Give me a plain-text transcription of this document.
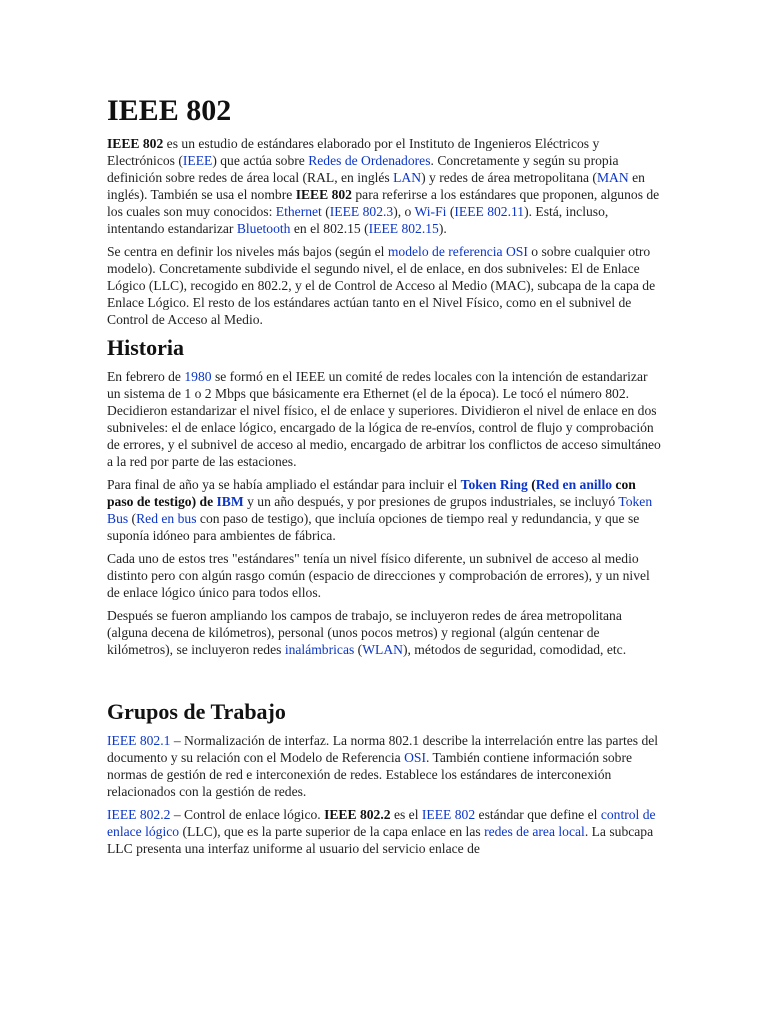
IEEE 802

IEEE 802 es un estudio de estándares elaborado por el Instituto de Ingenieros Eléctricos y Electrónicos (IEEE) que actúa sobre Redes de Ordenadores. Concretamente y según su propia definición sobre redes de área local (RAL, en inglés LAN) y redes de área metropolitana (MAN en inglés). También se usa el nombre IEEE 802 para referirse a los estándares que proponen, algunos de los cuales son muy conocidos: Ethernet (IEEE 802.3), o Wi-Fi (IEEE 802.11). Está, incluso, intentando estandarizar Bluetooth en el 802.15 (IEEE 802.15).

Se centra en definir los niveles más bajos (según el modelo de referencia OSI o sobre cualquier otro modelo). Concretamente subdivide el segundo nivel, el de enlace, en dos subniveles: El de Enlace Lógico (LLC), recogido en 802.2, y el de Control de Acceso al Medio (MAC), subcapa de la capa de Enlace Lógico. El resto de los estándares actúan tanto en el Nivel Físico, como en el subnivel de Control de Acceso al Medio.

Historia

En febrero de 1980 se formó en el IEEE un comité de redes locales con la intención de estandarizar un sistema de 1 o 2 Mbps que básicamente era Ethernet (el de la época). Le tocó el número 802. Decidieron estandarizar el nivel físico, el de enlace y superiores. Dividieron el nivel de enlace en dos subniveles: el de enlace lógico, encargado de la lógica de re-envíos, control de flujo y comprobación de errores, y el subnivel de acceso al medio, encargado de arbitrar los conflictos de acceso simultáneo a la red por parte de las estaciones.

Para final de año ya se había ampliado el estándar para incluir el Token Ring (Red en anillo con paso de testigo) de IBM y un año después, y por presiones de grupos industriales, se incluyó Token Bus (Red en bus con paso de testigo), que incluía opciones de tiempo real y redundancia, y que se suponía idóneo para ambientes de fábrica.

Cada uno de estos tres "estándares" tenía un nivel físico diferente, un subnivel de acceso al medio distinto pero con algún rasgo común (espacio de direcciones y comprobación de errores), y un nivel de enlace lógico único para todos ellos.

Después se fueron ampliando los campos de trabajo, se incluyeron redes de área metropolitana (alguna decena de kilómetros), personal (unos pocos metros) y regional (algún centenar de kilómetros), se incluyeron redes inalámbricas (WLAN), métodos de seguridad, comodidad, etc.

Grupos de Trabajo

IEEE 802.1 – Normalización de interfaz. La norma 802.1 describe la interrelación entre las partes del documento y su relación con el Modelo de Referencia OSI. También contiene información sobre normas de gestión de red e interconexión de redes. Establece los estándares de interconexión relacionados con la gestión de redes.

IEEE 802.2 – Control de enlace lógico. IEEE 802.2 es el IEEE 802 estándar que define el control de enlace lógico (LLC), que es la parte superior de la capa enlace en las redes de area local. La subcapa LLC presenta una interfaz uniforme al usuario del servicio enlace de
